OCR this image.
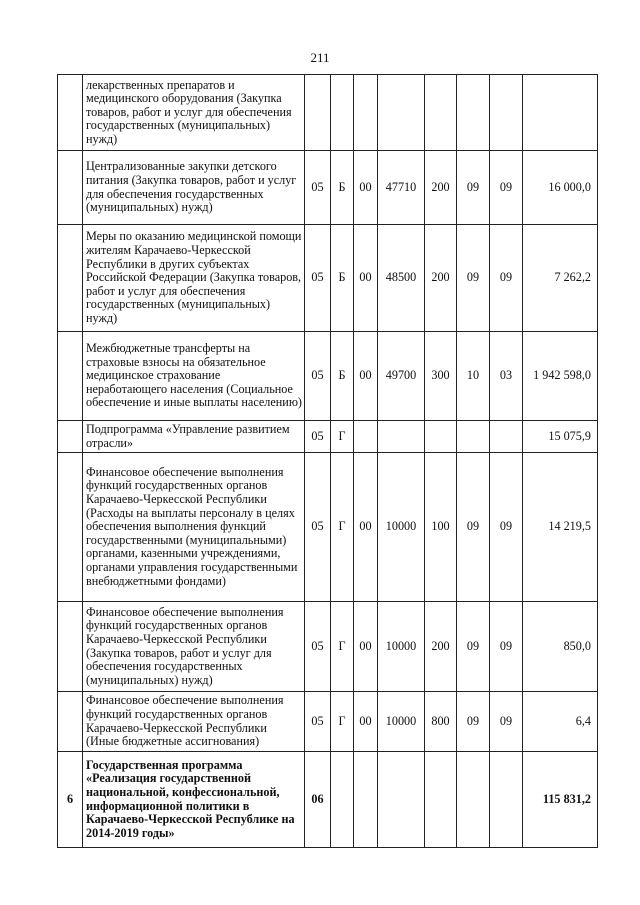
211
	лекарственных препаратов и медицинского оборудования (Закупка товаров, работ и услуг для обеспечения государственных (муниципальных) нужд)								
	Централизованные закупки детского питания (Закупка товаров, работ и услуг для обеспечения государственных (муниципальных) нужд)	05	Б	00	47710	200	09	09	16 000,0
	Меры по оказанию медицинской помощи жителям Карачаево-Черкесской Республики в других субъектах Российской Федерации (Закупка товаров, работ и услуг для обеспечения государственных (муниципальных) нужд)	05	Б	00	48500	200	09	09	7 262,2
	Межбюджетные трансферты на страховые взносы на обязательное медицинское страхование неработающего населения (Социальное обеспечение и иные выплаты населению)	05	Б	00	49700	300	10	03	1 942 598,0
	Подпрограмма «Управление развитием отрасли»	05	Г						15 075,9
	Финансовое обеспечение выполнения функций государственных органов Карачаево-Черкесской Республики (Расходы на выплаты персоналу в целях обеспечения выполнения функций государственными (муниципальными) органами, казенными учреждениями, органами управления государственными внебюджетными фондами)	05	Г	00	10000	100	09	09	14 219,5
	Финансовое обеспечение выполнения функций государственных органов Карачаево-Черкесской Республики (Закупка товаров, работ и услуг для обеспечения государственных (муниципальных) нужд)	05	Г	00	10000	200	09	09	850,0
	Финансовое обеспечение выполнения функций государственных органов Карачаево-Черкесской Республики (Иные бюджетные ассигнования)	05	Г	00	10000	800	09	09	6,4
6	Государственная программа «Реализация государственной национальной, конфессиональной, информационной политики в Карачаево-Черкесской Республике на 2014-2019 годы»	06							115 831,2
